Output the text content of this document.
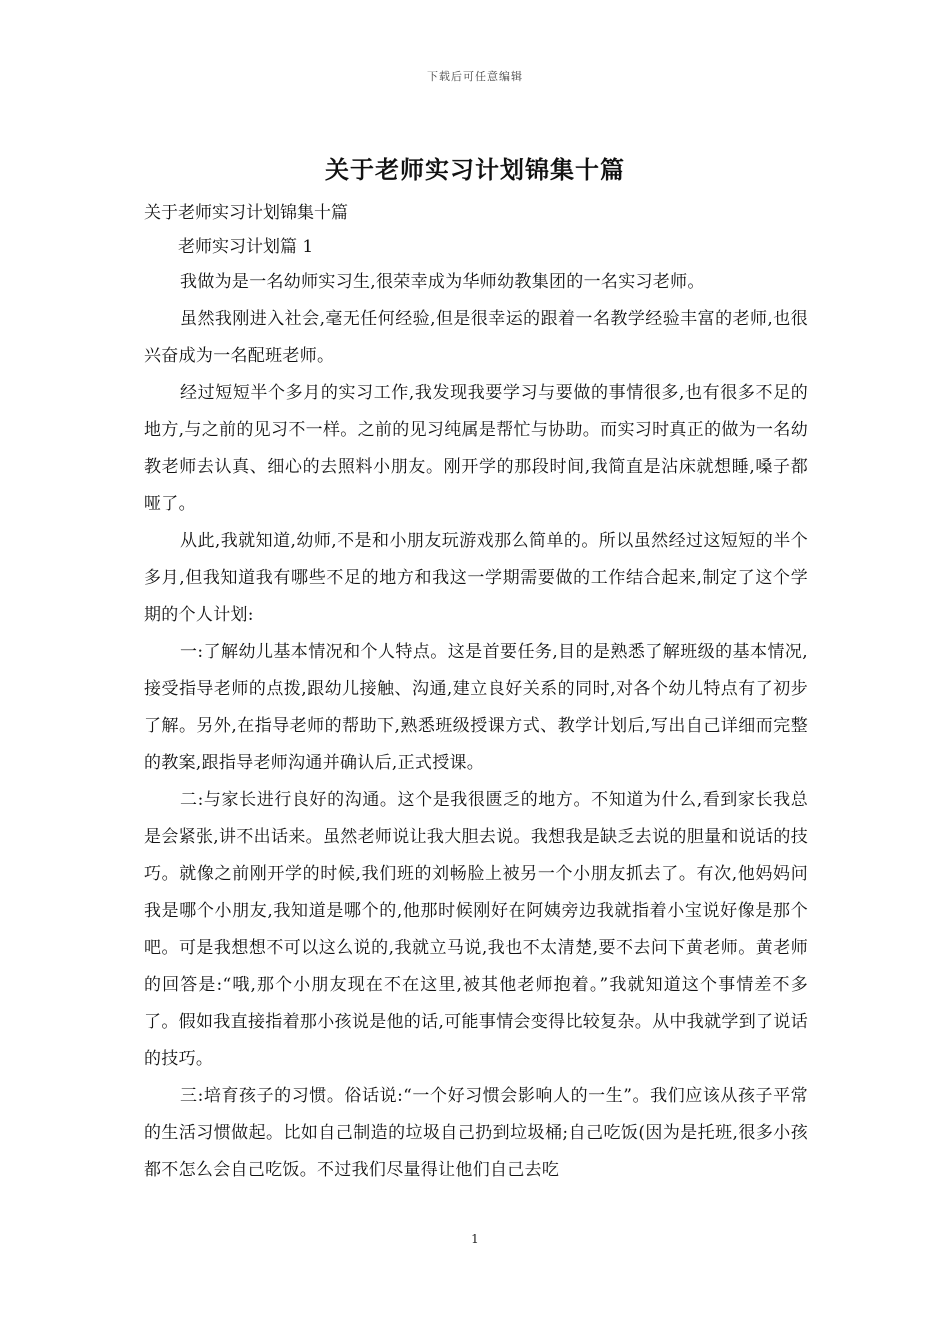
下载后可任意编辑
关于老师实习计划锦集十篇

关于老师实习计划锦集十篇

老师实习计划篇 1

我做为是一名幼师实习生,很荣幸成为华师幼教集团的一名实习老师。

虽然我刚进入社会,毫无任何经验,但是很幸运的跟着一名教学经验丰富的老师,也很兴奋成为一名配班老师。

经过短短半个多月的实习工作,我发现我要学习与要做的事情很多,也有很多不足的地方,与之前的见习不一样。之前的见习纯属是帮忙与协助。而实习时真正的做为一名幼教老师去认真、细心的去照料小朋友。刚开学的那段时间,我简直是沾床就想睡,嗓子都哑了。

从此,我就知道,幼师,不是和小朋友玩游戏那么简单的。所以虽然经过这短短的半个多月,但我知道我有哪些不足的地方和我这一学期需要做的工作结合起来,制定了这个学期的个人计划:

一:了解幼儿基本情况和个人特点。这是首要任务,目的是熟悉了解班级的基本情况,接受指导老师的点拨,跟幼儿接触、沟通,建立良好关系的同时,对各个幼儿特点有了初步了解。另外,在指导老师的帮助下,熟悉班级授课方式、教学计划后,写出自己详细而完整的教案,跟指导老师沟通并确认后,正式授课。

二:与家长进行良好的沟通。这个是我很匮乏的地方。不知道为什么,看到家长我总是会紧张,讲不出话来。虽然老师说让我大胆去说。我想我是缺乏去说的胆量和说话的技巧。就像之前刚开学的时候,我们班的刘畅脸上被另一个小朋友抓去了。有次,他妈妈问我是哪个小朋友,我知道是哪个的,他那时候刚好在阿姨旁边我就指着小宝说好像是那个吧。可是我想想不可以这么说的,我就立马说,我也不太清楚,要不去问下黄老师。黄老师的回答是:“哦,那个小朋友现在不在这里,被其他老师抱着。”我就知道这个事情差不多了。假如我直接指着那小孩说是他的话,可能事情会变得比较复杂。从中我就学到了说话的技巧。

三:培育孩子的习惯。俗话说:“一个好习惯会影响人的一生”。我们应该从孩子平常的生活习惯做起。比如自己制造的垃圾自己扔到垃圾桶;自己吃饭(因为是托班,很多小孩都不怎么会自己吃饭。不过我们尽量得让他们自己去吃

1
